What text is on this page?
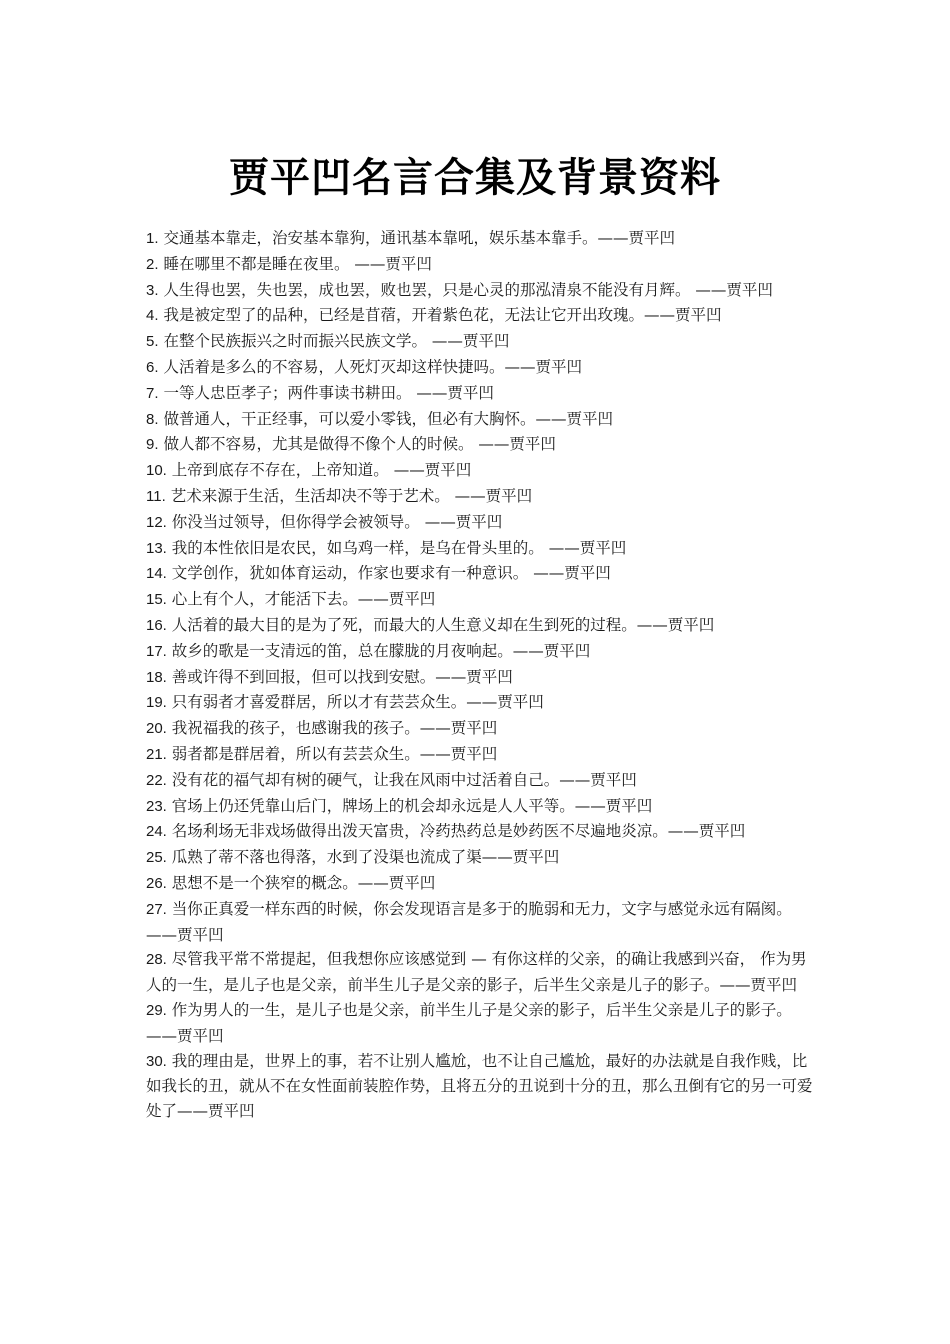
贾平凹名言合集及背景资料
1. 交通基本靠走，治安基本靠狗，通讯基本靠吼，娱乐基本靠手。——贾平凹
2. 睡在哪里不都是睡在夜里。 ——贾平凹
3. 人生得也罢，失也罢，成也罢，败也罢，只是心灵的那泓清泉不能没有月辉。 ——贾平凹
4. 我是被定型了的品种，已经是苜蓿，开着紫色花，无法让它开出玫瑰。——贾平凹
5. 在整个民族振兴之时而振兴民族文学。 ——贾平凹
6. 人活着是多么的不容易，人死灯灭却这样快捷吗。——贾平凹
7. 一等人忠臣孝子；两件事读书耕田。 ——贾平凹
8. 做普通人，干正经事，可以爱小零钱，但必有大胸怀。——贾平凹
9. 做人都不容易，尤其是做得不像个人的时候。 ——贾平凹
10. 上帝到底存不存在，上帝知道。 ——贾平凹
11. 艺术来源于生活，生活却决不等于艺术。 ——贾平凹
12. 你没当过领导，但你得学会被领导。 ——贾平凹
13. 我的本性依旧是农民，如乌鸡一样，是乌在骨头里的。 ——贾平凹
14. 文学创作，犹如体育运动，作家也要求有一种意识。 ——贾平凹
15. 心上有个人，才能活下去。——贾平凹
16. 人活着的最大目的是为了死，而最大的人生意义却在生到死的过程。——贾平凹
17. 故乡的歌是一支清远的笛，总在朦胧的月夜响起。——贾平凹
18. 善或许得不到回报，但可以找到安慰。——贾平凹
19. 只有弱者才喜爱群居，所以才有芸芸众生。——贾平凹
20. 我祝福我的孩子，也感谢我的孩子。——贾平凹
21. 弱者都是群居着，所以有芸芸众生。——贾平凹
22. 没有花的福气却有树的硬气，让我在风雨中过活着自己。——贾平凹
23. 官场上仍还凭靠山后门，牌场上的机会却永远是人人平等。——贾平凹
24. 名场利场无非戏场做得出泼天富贵，冷药热药总是妙药医不尽遍地炎凉。——贾平凹
25. 瓜熟了蒂不落也得落，水到了没渠也流成了渠——贾平凹
26. 思想不是一个狭窄的概念。——贾平凹
27. 当你正真爱一样东西的时候，你会发现语言是多于的脆弱和无力，文字与感觉永远有隔阂。——贾平凹
28. 尽管我平常不常提起，但我想你应该感觉到 — 有你这样的父亲，的确让我感到兴奋， 作为男人的一生，是儿子也是父亲，前半生儿子是父亲的影子，后半生父亲是儿子的影子。——贾平凹
29. 作为男人的一生，是儿子也是父亲，前半生儿子是父亲的影子，后半生父亲是儿子的影子。——贾平凹
30. 我的理由是，世界上的事，若不让别人尴尬，也不让自己尴尬，最好的办法就是自我作贱，比如我长的丑，就从不在女性面前装腔作势，且将五分的丑说到十分的丑，那么丑倒有它的另一可爱处了——贾平凹
